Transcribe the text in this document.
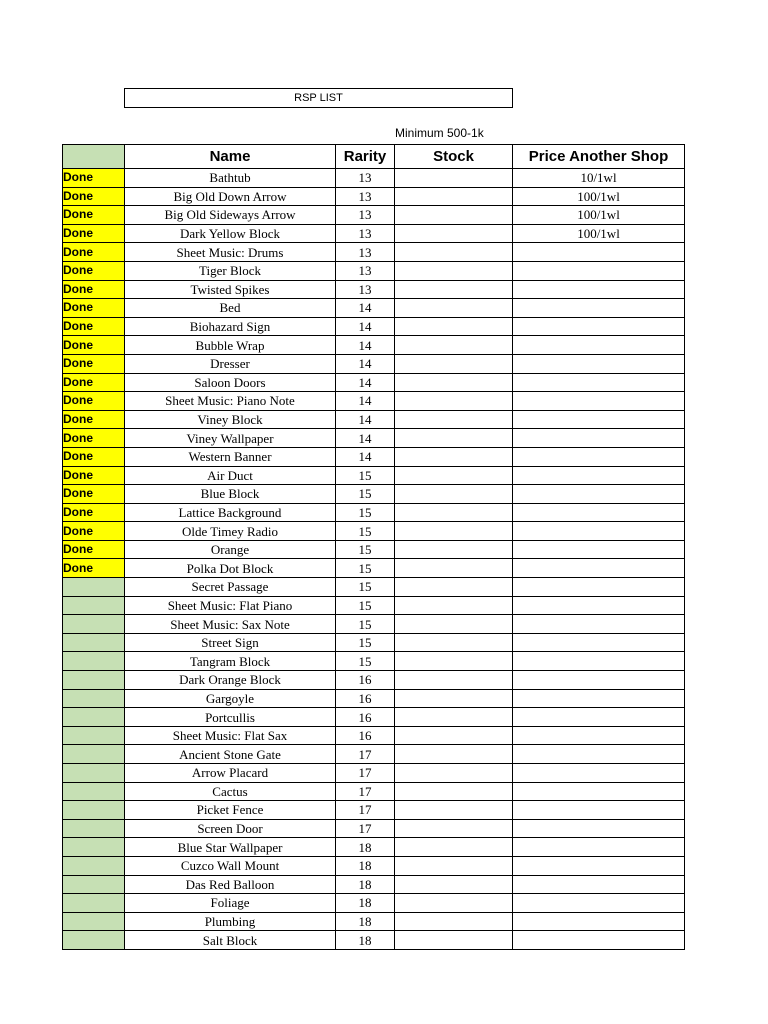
RSP LIST
Minimum 500-1k
	Name	Rarity	Stock	Price Another Shop
Done	Bathtub	13		10/1wl
Done	Big Old Down Arrow	13		100/1wl
Done	Big Old Sideways Arrow	13		100/1wl
Done	Dark Yellow Block	13		100/1wl
Done	Sheet Music: Drums	13		
Done	Tiger Block	13		
Done	Twisted Spikes	13		
Done	Bed	14		
Done	Biohazard Sign	14		
Done	Bubble Wrap	14		
Done	Dresser	14		
Done	Saloon Doors	14		
Done	Sheet Music: Piano Note	14		
Done	Viney Block	14		
Done	Viney Wallpaper	14		
Done	Western Banner	14		
Done	Air Duct	15		
Done	Blue Block	15		
Done	Lattice Background	15		
Done	Olde Timey Radio	15		
Done	Orange	15		
Done	Polka Dot Block	15		
	Secret Passage	15		
	Sheet Music: Flat Piano	15		
	Sheet Music: Sax Note	15		
	Street Sign	15		
	Tangram Block	15		
	Dark Orange Block	16		
	Gargoyle	16		
	Portcullis	16		
	Sheet Music: Flat Sax	16		
	Ancient Stone Gate	17		
	Arrow Placard	17		
	Cactus	17		
	Picket Fence	17		
	Screen Door	17		
	Blue Star Wallpaper	18		
	Cuzco Wall Mount	18		
	Das Red Balloon	18		
	Foliage	18		
	Plumbing	18		
	Salt Block	18		
